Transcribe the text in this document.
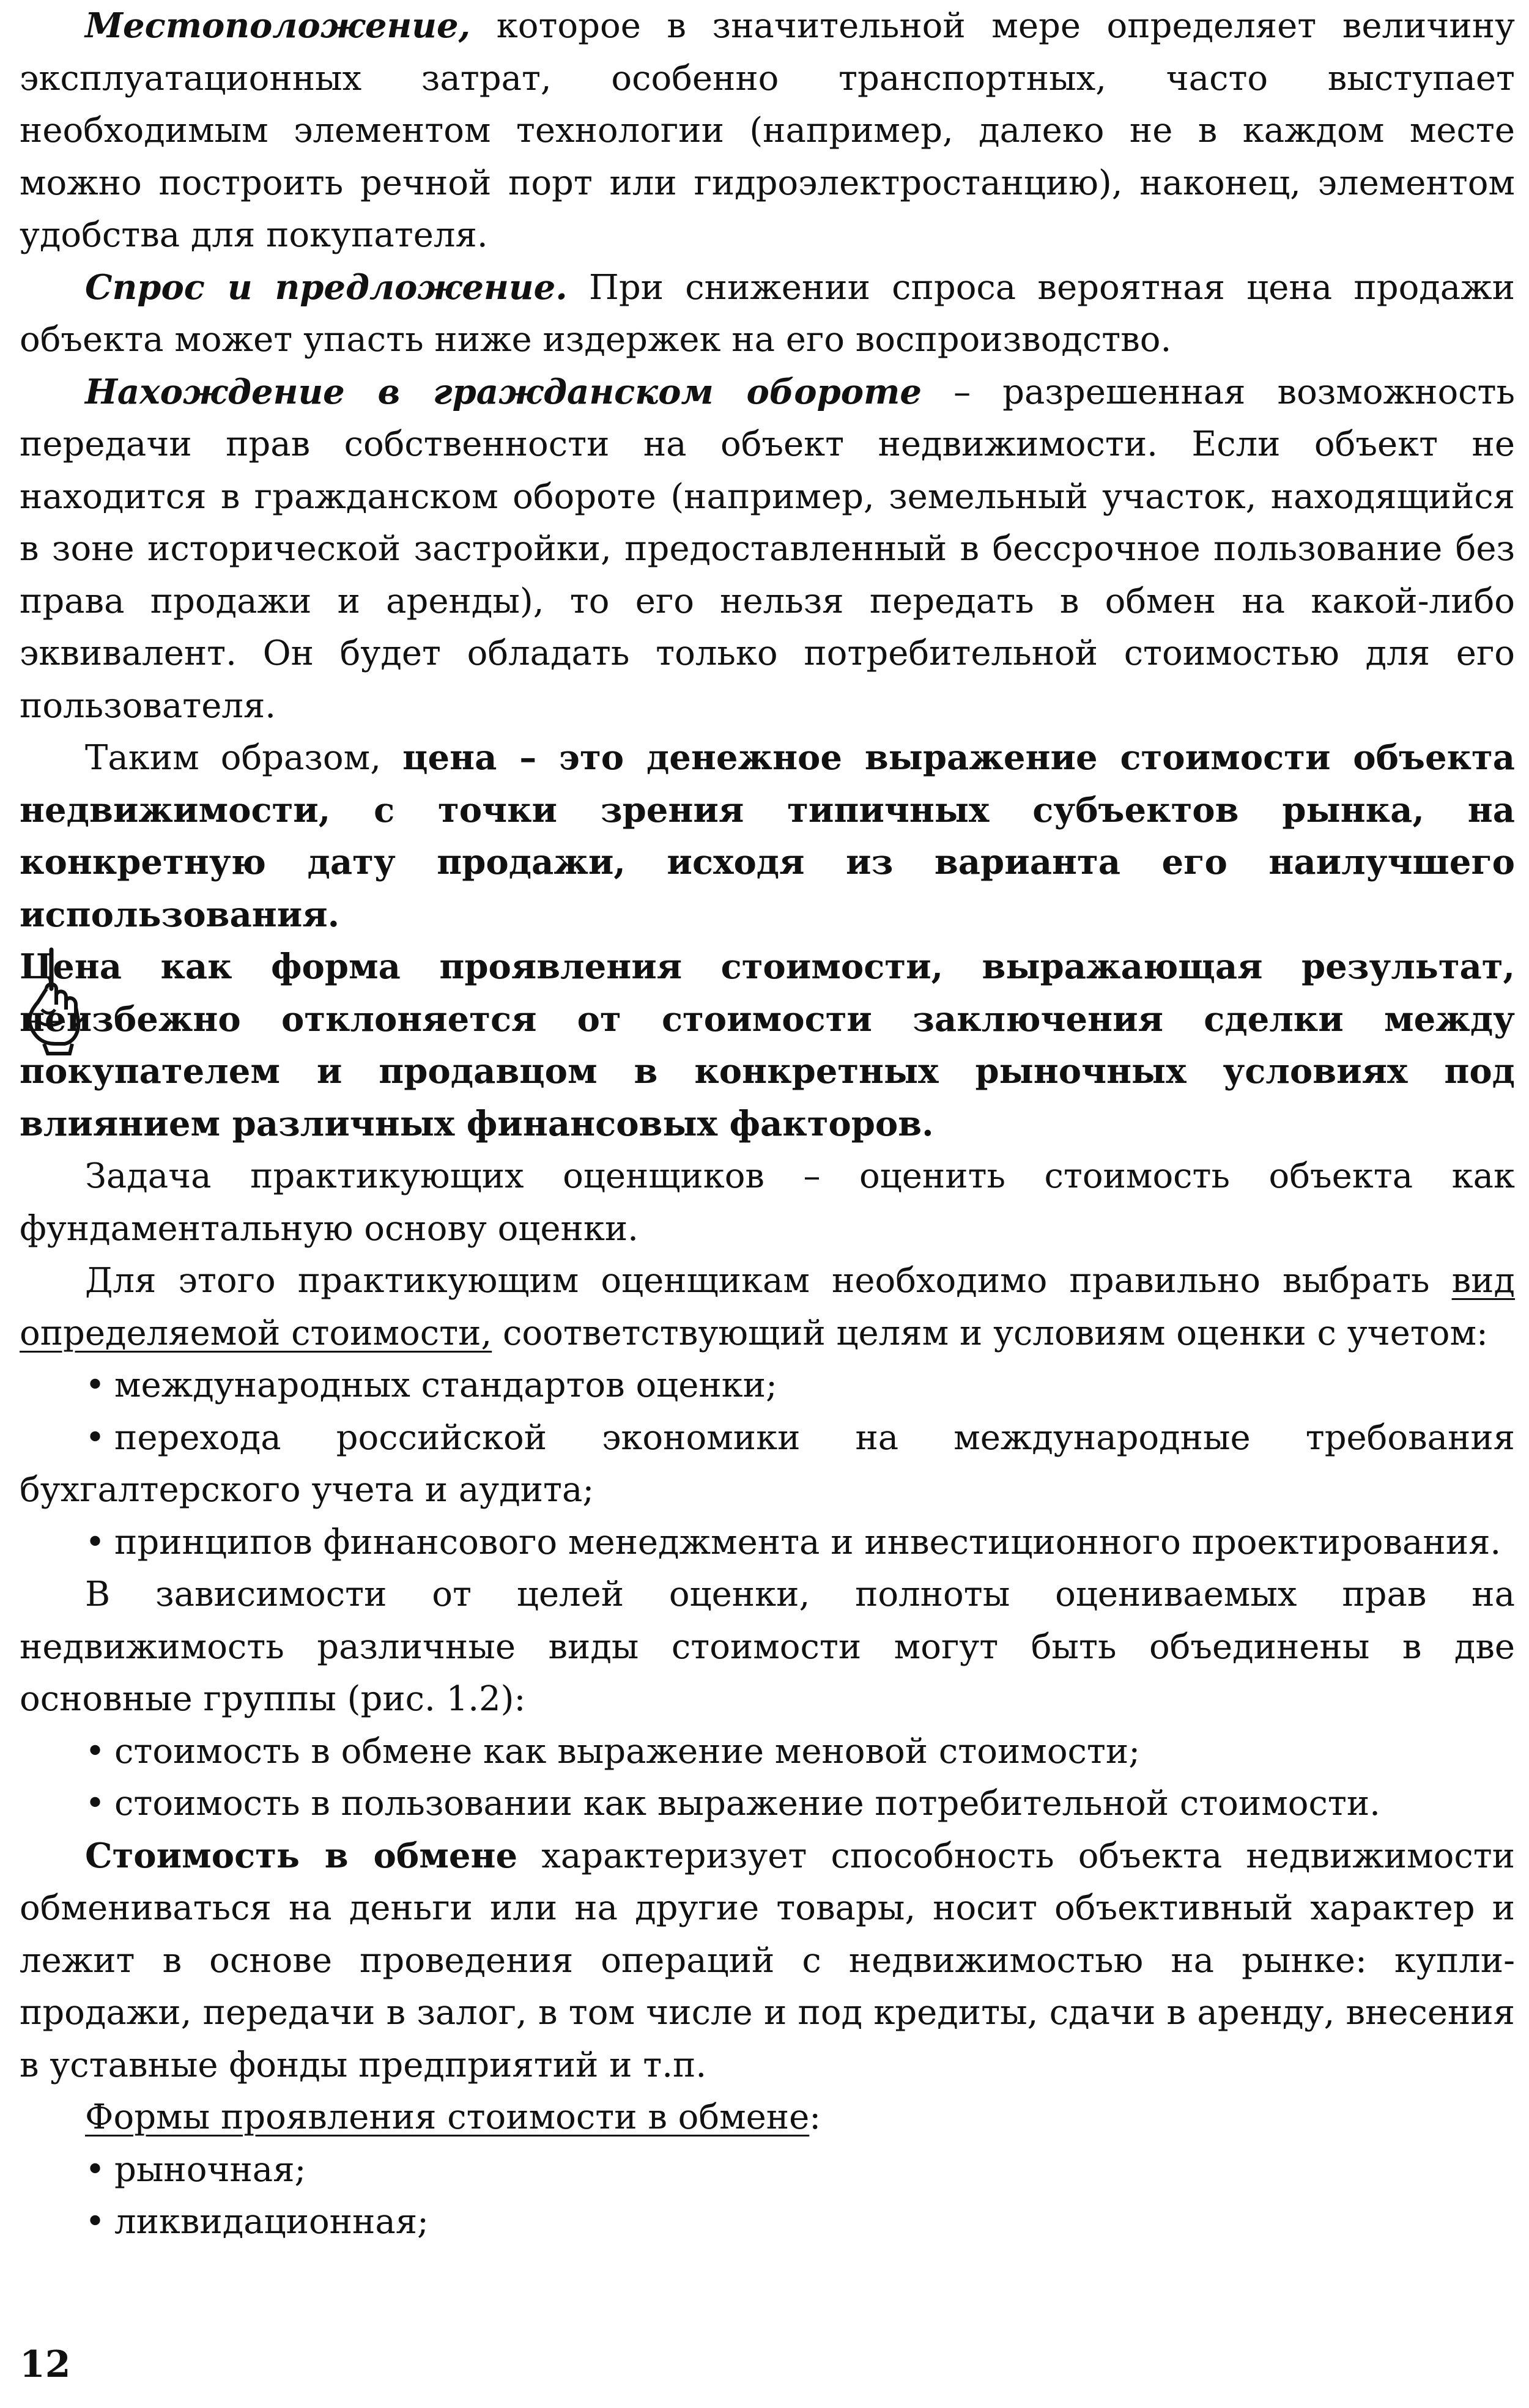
Местоположение, которое в значительной мере определяет величину эксплуатационных затрат, особенно транспортных, часто выступает необходимым элементом технологии (например, далеко не в каждом месте можно построить речной порт или гидроэлектростанцию), наконец, элементом удобства для покупателя.

Спрос и предложение. При снижении спроса вероятная цена продажи объекта может упасть ниже издержек на его воспроизводство.

Нахождение в гражданском обороте – разрешенная возможность передачи прав собственности на объект недвижимости. Если объект не находится в гражданском обороте (например, земельный участок, находящийся в зоне исторической застройки, предоставленный в бессрочное пользование без права продажи и аренды), то его нельзя передать в обмен на какой-либо эквивалент. Он будет обладать только потребительной стоимостью для его пользователя.

Таким образом, цена – это денежное выражение стоимости объекта недвижимости, с точки зрения типичных субъектов рынка, на конкретную дату продажи, исходя из варианта его наилучшего использования.

Цена как форма проявления стоимости, выражающая результат, неизбежно отклоняется от стоимости заключения сделки между покупателем и продавцом в конкретных рыночных условиях под влиянием различных финансовых факторов.

Задача практикующих оценщиков – оценить стоимость объекта как фундаментальную основу оценки.

Для этого практикующим оценщикам необходимо правильно выбрать вид определяемой стоимости, соответствующий целям и условиям оценки с учетом:

• международных стандартов оценки;

• перехода российской экономики на международные требования бухгалтерского учета и аудита;

• принципов финансового менеджмента и инвестиционного проектирования.

В зависимости от целей оценки, полноты оцениваемых прав на недвижимость различные виды стоимости могут быть объединены в две основные группы (рис. 1.2):

• стоимость в обмене как выражение меновой стоимости;

• стоимость в пользовании как выражение потребительной стоимости.

Стоимость в обмене характеризует способность объекта недвижимости обмениваться на деньги или на другие товары, носит объективный характер и лежит в основе проведения операций с недвижимостью на рынке: купли-продажи, передачи в залог, в том числе и под кредиты, сдачи в аренду, внесения в уставные фонды предприятий и т.п.

Формы проявления стоимости в обмене:

• рыночная;

• ликвидационная;

12
